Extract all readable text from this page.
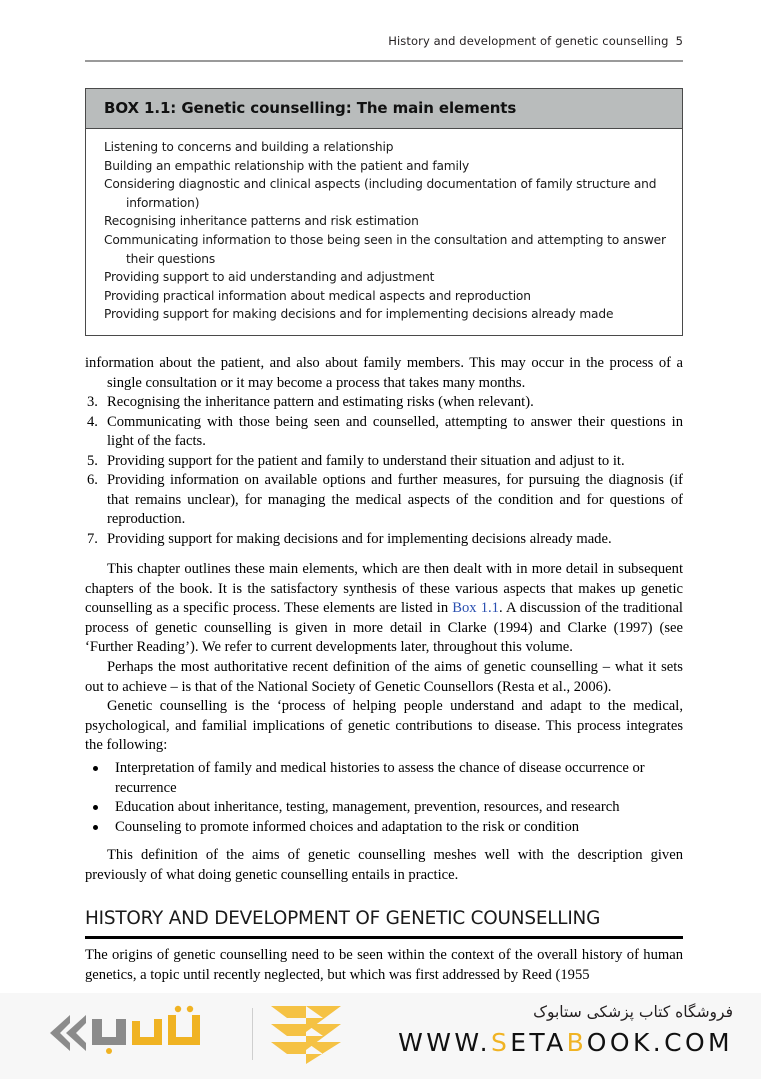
History and development of genetic counselling 5
BOX 1.1: Genetic counselling: The main elements
Listening to concerns and building a relationship
Building an empathic relationship with the patient and family
Considering diagnostic and clinical aspects (including documentation of family structure and information)
Recognising inheritance patterns and risk estimation
Communicating information to those being seen in the consultation and attempting to answer their questions
Providing support to aid understanding and adjustment
Providing practical information about medical aspects and reproduction
Providing support for making decisions and for implementing decisions already made

information about the patient, and also about family members. This may occur in the process of a single consultation or it may become a process that takes many months.

3. Recognising the inheritance pattern and estimating risks (when relevant).
4. Communicating with those being seen and counselled, attempting to answer their questions in light of the facts.
5. Providing support for the patient and family to understand their situation and adjust to it.
6. Providing information on available options and further measures, for pursuing the diagnosis (if that remains unclear), for managing the medical aspects of the condition and for questions of reproduction.
7. Providing support for making decisions and for implementing decisions already made.

This chapter outlines these main elements, which are then dealt with in more detail in subsequent chapters of the book. It is the satisfactory synthesis of these various aspects that makes up genetic counselling as a specific process. These elements are listed in Box 1.1. A discussion of the traditional process of genetic counselling is given in more detail in Clarke (1994) and Clarke (1997) (see ‘Further Reading’). We refer to current developments later, throughout this volume.

Perhaps the most authoritative recent definition of the aims of genetic counselling – what it sets out to achieve – is that of the National Society of Genetic Counsellors (Resta et al., 2006).

Genetic counselling is the ‘process of helping people understand and adapt to the medical, psychological, and familial implications of genetic contributions to disease. This process integrates the following:

Interpretation of family and medical histories to assess the chance of disease occurrence or recurrence
Education about inheritance, testing, management, prevention, resources, and research
Counseling to promote informed choices and adaptation to the risk or condition

This definition of the aims of genetic counselling meshes well with the description given previously of what doing genetic counselling entails in practice.

HISTORY AND DEVELOPMENT OF GENETIC COUNSELLING

The origins of genetic counselling need to be seen within the context of the overall history of human genetics, a topic until recently neglected, but which was first addressed by Reed (1955

فروشگاه کتاب پزشکی ستابوک
WWW.SETABOOK.COM
